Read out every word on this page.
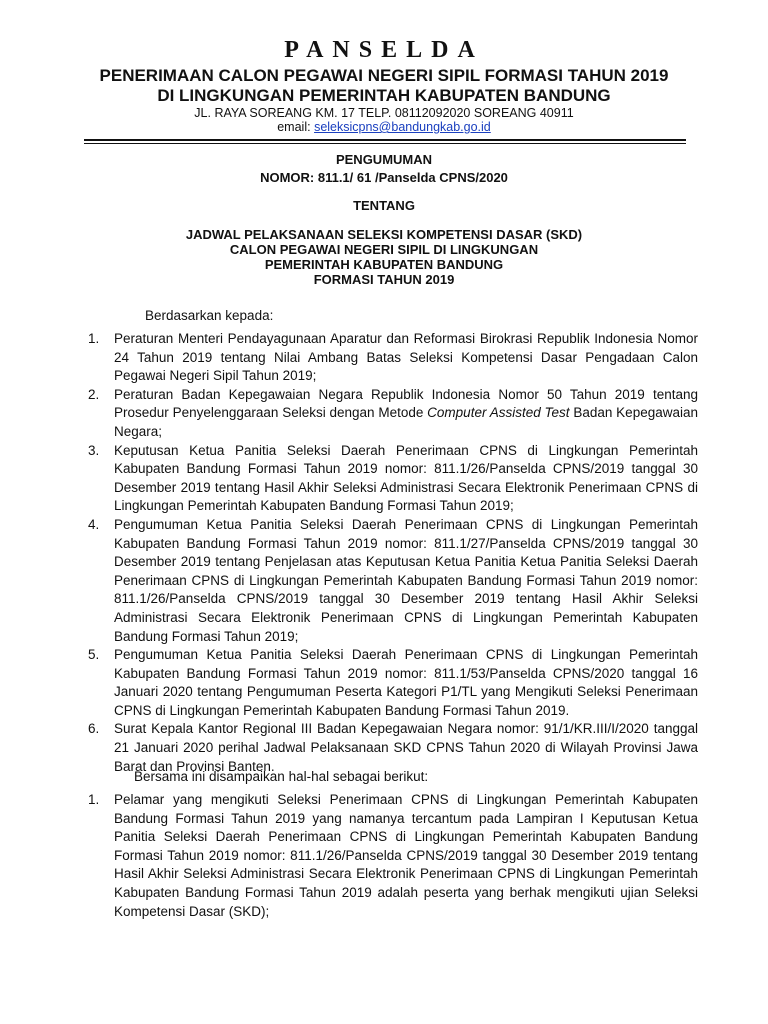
PANSELDA
PENERIMAAN CALON PEGAWAI NEGERI SIPIL FORMASI TAHUN 2019
DI LINGKUNGAN PEMERINTAH KABUPATEN BANDUNG
JL. RAYA SOREANG KM. 17 TELP. 08112092020 SOREANG 40911
email: seleksicpns@bandungkab.go.id
PENGUMUMAN
NOMOR: 811.1/ 61 /Panselda CPNS/2020
TENTANG
JADWAL PELAKSANAAN SELEKSI KOMPETENSI DASAR (SKD)
CALON PEGAWAI NEGERI SIPIL DI LINGKUNGAN
PEMERINTAH KABUPATEN BANDUNG
FORMASI TAHUN 2019
Berdasarkan kepada:
1. Peraturan Menteri Pendayagunaan Aparatur dan Reformasi Birokrasi Republik Indonesia Nomor 24 Tahun 2019 tentang Nilai Ambang Batas Seleksi Kompetensi Dasar Pengadaan Calon Pegawai Negeri Sipil Tahun 2019;
2. Peraturan Badan Kepegawaian Negara Republik Indonesia Nomor 50 Tahun 2019 tentang Prosedur Penyelenggaraan Seleksi dengan Metode Computer Assisted Test Badan Kepegawaian Negara;
3. Keputusan Ketua Panitia Seleksi Daerah Penerimaan CPNS di Lingkungan Pemerintah Kabupaten Bandung Formasi Tahun 2019 nomor: 811.1/26/Panselda CPNS/2019 tanggal 30 Desember 2019 tentang Hasil Akhir Seleksi Administrasi Secara Elektronik Penerimaan CPNS di Lingkungan Pemerintah Kabupaten Bandung Formasi Tahun 2019;
4. Pengumuman Ketua Panitia Seleksi Daerah Penerimaan CPNS di Lingkungan Pemerintah Kabupaten Bandung Formasi Tahun 2019 nomor: 811.1/27/Panselda CPNS/2019 tanggal 30 Desember 2019 tentang Penjelasan atas Keputusan Ketua Panitia Ketua Panitia Seleksi Daerah Penerimaan CPNS di Lingkungan Pemerintah Kabupaten Bandung Formasi Tahun 2019 nomor: 811.1/26/Panselda CPNS/2019 tanggal 30 Desember 2019 tentang Hasil Akhir Seleksi Administrasi Secara Elektronik Penerimaan CPNS di Lingkungan Pemerintah Kabupaten Bandung Formasi Tahun 2019;
5. Pengumuman Ketua Panitia Seleksi Daerah Penerimaan CPNS di Lingkungan Pemerintah Kabupaten Bandung Formasi Tahun 2019 nomor: 811.1/53/Panselda CPNS/2020 tanggal 16 Januari 2020 tentang Pengumuman Peserta Kategori P1/TL yang Mengikuti Seleksi Penerimaan CPNS di Lingkungan Pemerintah Kabupaten Bandung Formasi Tahun 2019.
6. Surat Kepala Kantor Regional III Badan Kepegawaian Negara nomor: 91/1/KR.III/I/2020 tanggal 21 Januari 2020 perihal Jadwal Pelaksanaan SKD CPNS Tahun 2020 di Wilayah Provinsi Jawa Barat dan Provinsi Banten.
Bersama ini disampaikan hal-hal sebagai berikut:
1. Pelamar yang mengikuti Seleksi Penerimaan CPNS di Lingkungan Pemerintah Kabupaten Bandung Formasi Tahun 2019 yang namanya tercantum pada Lampiran I Keputusan Ketua Panitia Seleksi Daerah Penerimaan CPNS di Lingkungan Pemerintah Kabupaten Bandung Formasi Tahun 2019 nomor: 811.1/26/Panselda CPNS/2019 tanggal 30 Desember 2019 tentang Hasil Akhir Seleksi Administrasi Secara Elektronik Penerimaan CPNS di Lingkungan Pemerintah Kabupaten Bandung Formasi Tahun 2019 adalah peserta yang berhak mengikuti ujian Seleksi Kompetensi Dasar (SKD);
